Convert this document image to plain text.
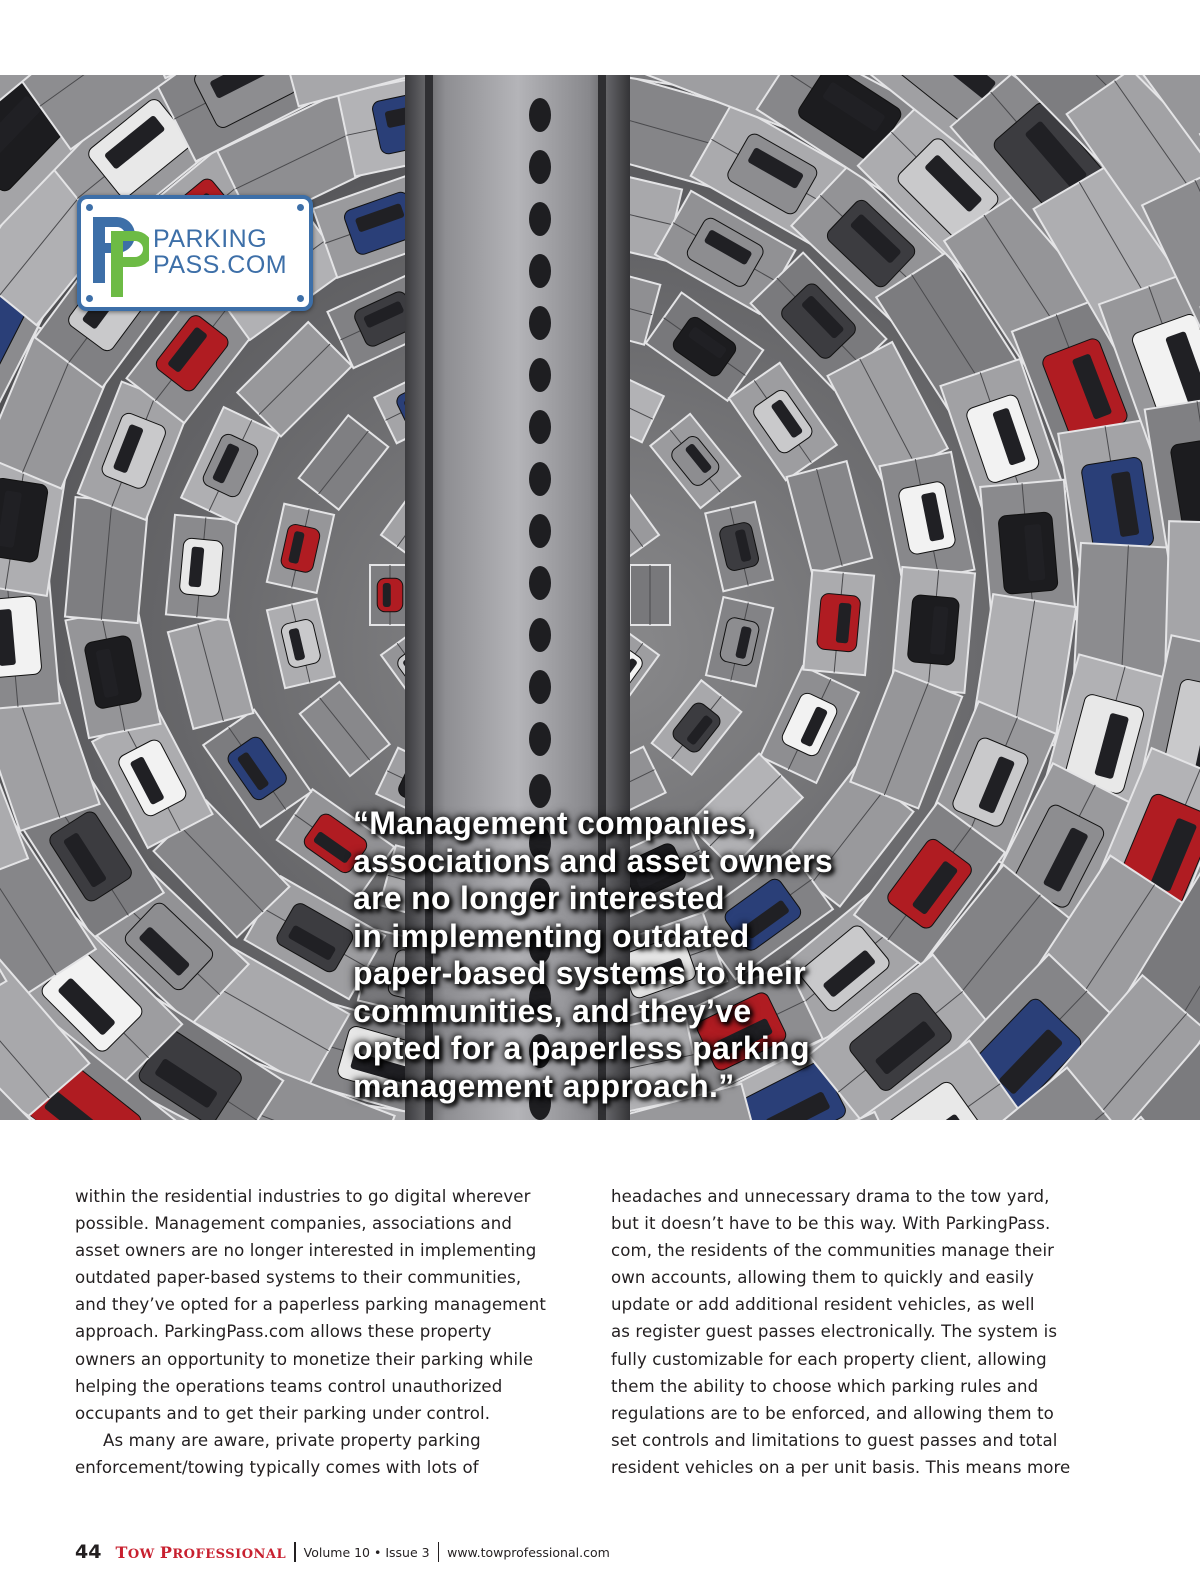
PARKING
PASS.COM
“Management companies,
associations and asset owners
are no longer interested
in implementing outdated
paper-based systems to their
communities, and they’ve
opted for a paperless parking
management approach.”
within the residential industries to go digital wherever
possible. Management companies, associations and
asset owners are no longer interested in implementing
outdated paper-based systems to their communities,
and they’ve opted for a paperless parking management
approach. ParkingPass.com allows these property
owners an opportunity to monetize their parking while
helping the operations teams control unauthorized
occupants and to get their parking under control.
As many are aware, private property parking
enforcement/towing typically comes with lots of
headaches and unnecessary drama to the tow yard,
but it doesn’t have to be this way. With ParkingPass.
com, the residents of the communities manage their
own accounts, allowing them to quickly and easily
update or add additional resident vehicles, as well
as register guest passes electronically. The system is
fully customizable for each property client, allowing
them the ability to choose which parking rules and
regulations are to be enforced, and allowing them to
set controls and limitations to guest passes and total
resident vehicles on a per unit basis. This means more
44 TOW PROFESSIONAL Volume 10 • Issue 3 www.towprofessional.com
